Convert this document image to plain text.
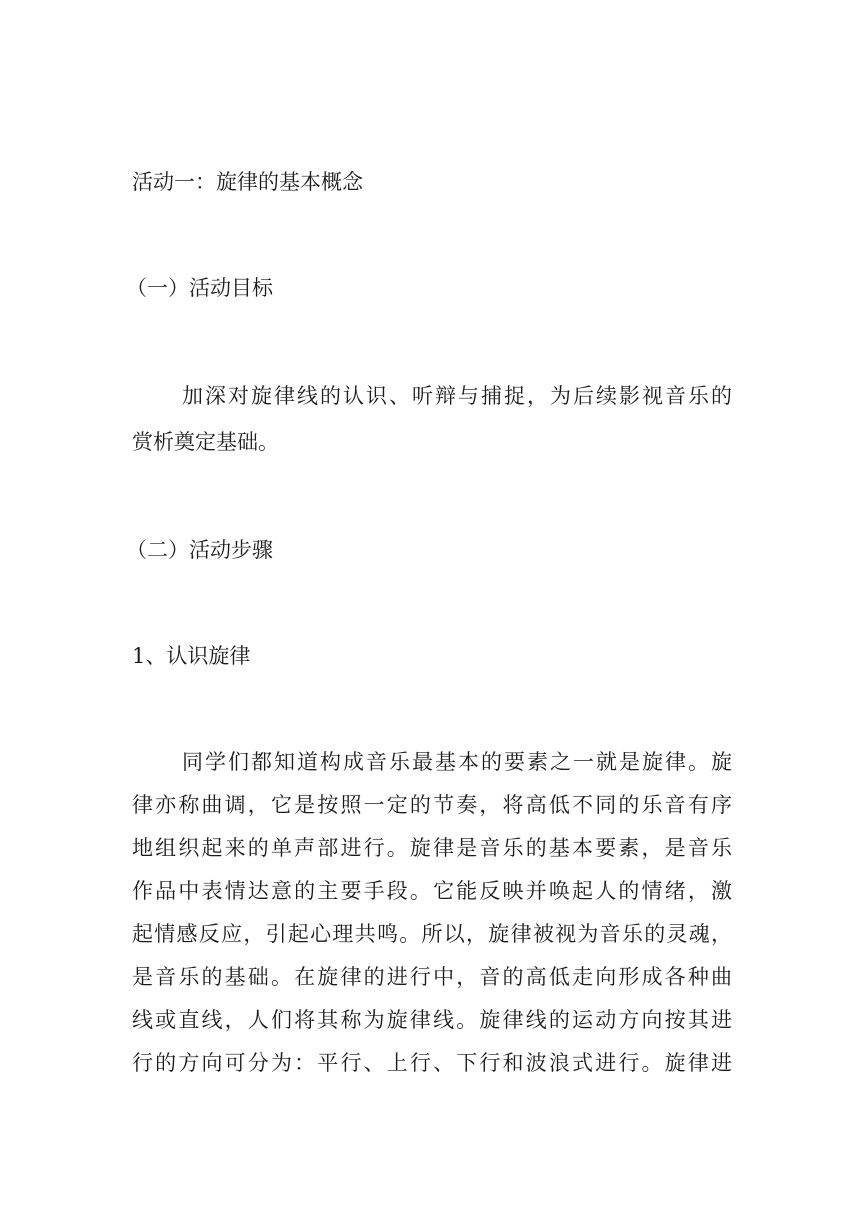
活动一：旋律的基本概念
（一）活动目标
加深对旋律线的认识、听辩与捕捉，为后续影视音乐的
赏析奠定基础。
（二）活动步骤
1、认识旋律
同学们都知道构成音乐最基本的要素之一就是旋律。旋
律亦称曲调，它是按照一定的节奏，将高低不同的乐音有序
地组织起来的单声部进行。旋律是音乐的基本要素，是音乐
作品中表情达意的主要手段。它能反映并唤起人的情绪，激
起情感反应，引起心理共鸣。所以，旋律被视为音乐的灵魂，
是音乐的基础。在旋律的进行中，音的高低走向形成各种曲
线或直线，人们将其称为旋律线。旋律线的运动方向按其进
行的方向可分为：平行、上行、下行和波浪式进行。旋律进
